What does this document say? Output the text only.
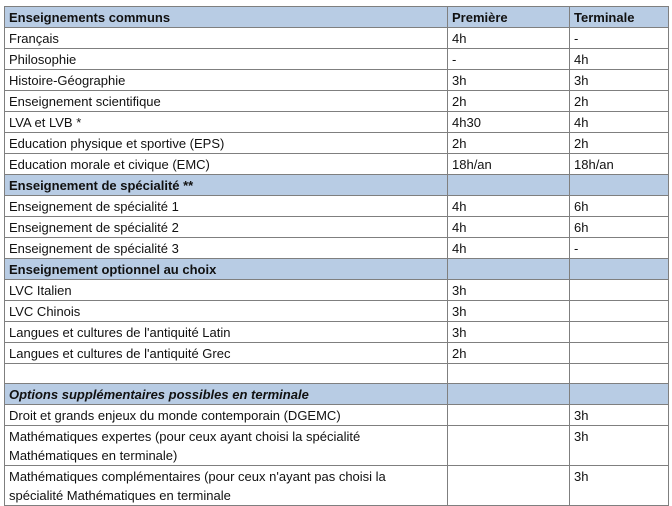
Enseignements communs	Première	Terminale
Français	4h	-
Philosophie	-	4h
Histoire-Géographie	3h	3h
Enseignement scientifique	2h	2h
LVA et LVB *	4h30	4h
Education physique et sportive (EPS)	2h	2h
Education morale et civique (EMC)	18h/an	18h/an
Enseignement de spécialité **		
Enseignement de spécialité 1	4h	6h
Enseignement de spécialité 2	4h	6h
Enseignement de spécialité 3	4h	-
Enseignement optionnel au choix		
LVC Italien	3h	
LVC Chinois	3h	
Langues et cultures de l'antiquité Latin	3h	
Langues et cultures de l'antiquité Grec	2h	

Options supplémentaires possibles en terminale		
Droit et grands enjeux du monde contemporain (DGEMC)		3h
Mathématiques expertes (pour ceux ayant choisi la spécialité Mathématiques en terminale)		3h
Mathématiques complémentaires (pour ceux n'ayant pas choisi la spécialité Mathématiques en terminale		3h
